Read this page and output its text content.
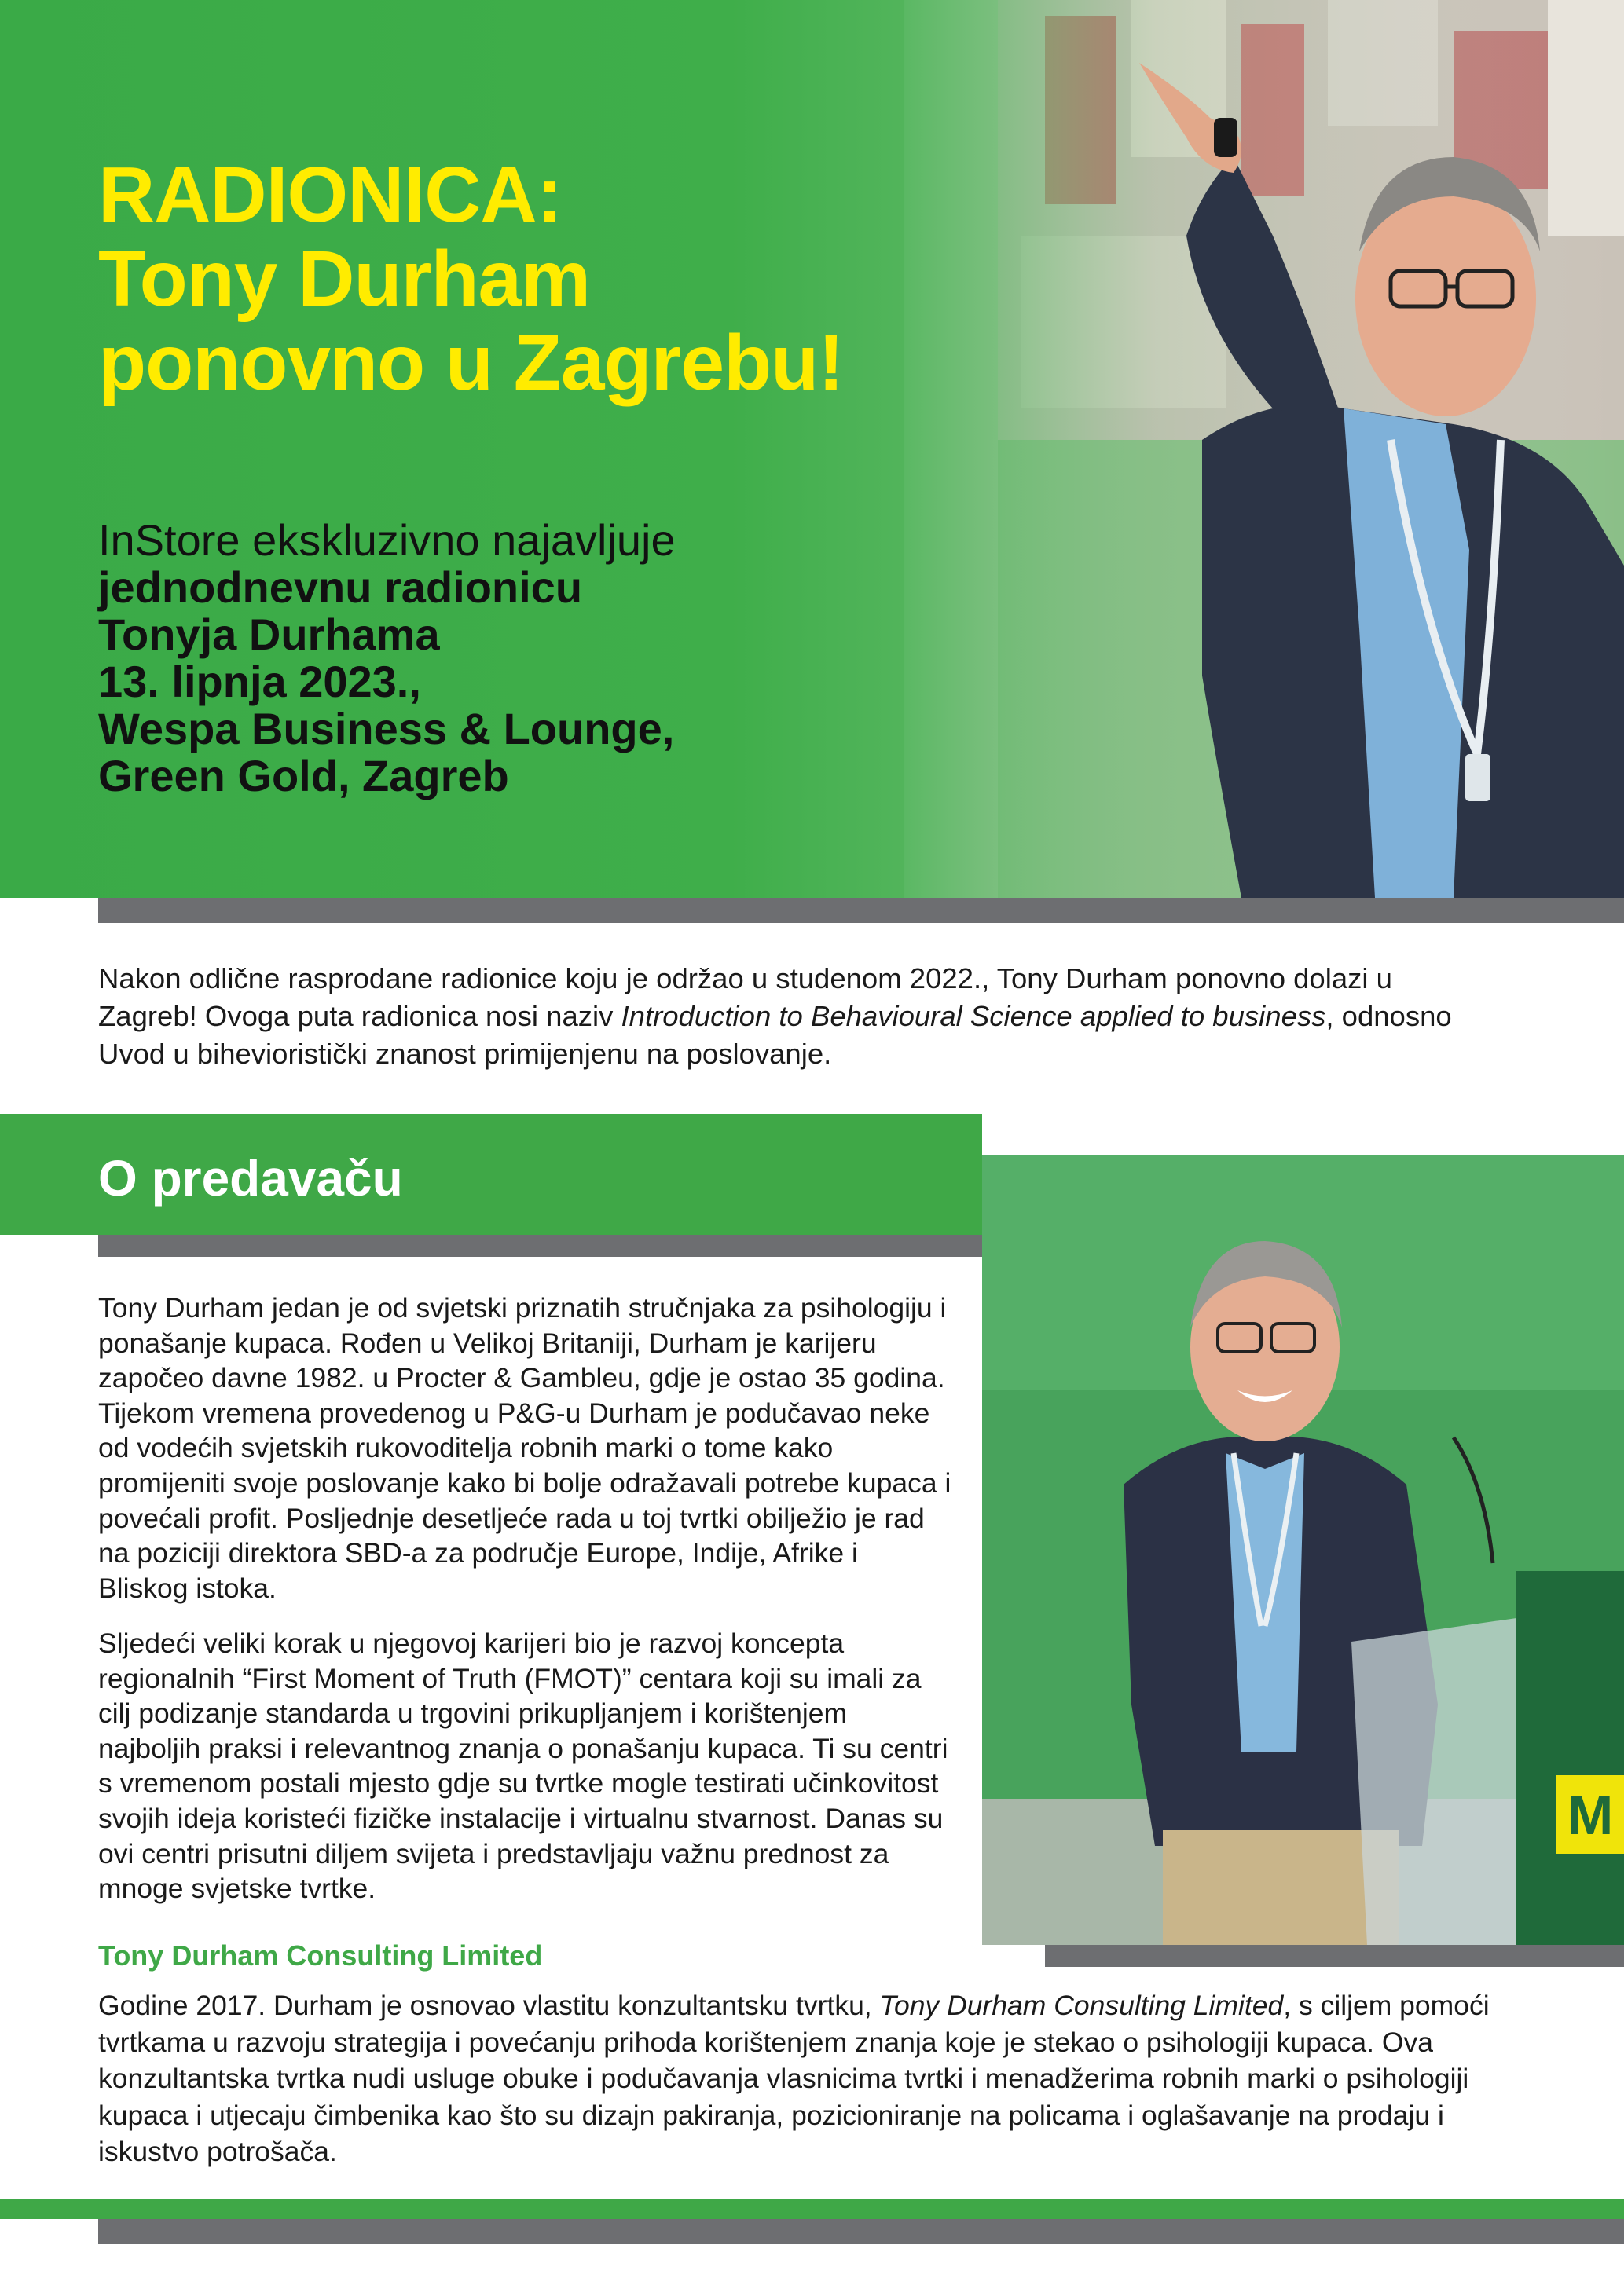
RADIONICA:
Tony Durham
ponovno u Zagrebu!
InStore ekskluzivno najavljuje
jednodnevnu radionicu
Tonyja Durhama
13. lipnja 2023.,
Wespa Business & Lounge,
Green Gold, Zagreb
Nakon odlične rasprodane radionice koju je održao u studenom 2022., Tony Durham ponovno dolazi u Zagreb! Ovoga puta radionica nosi naziv Introduction to Behavioural Science applied to business, odnosno Uvod u bihevioristički znanost primijenjenu na poslovanje.
O predavaču
M
Tony Durham jedan je od svjetski priznatih stručnjaka za psihologiju i ponašanje kupaca. Rođen u Velikoj Britaniji, Durham je karijeru započeo davne 1982. u Procter & Gambleu, gdje je ostao 35 godina. Tijekom vremena provedenog u P&G-u Durham je podučavao neke od vodećih svjetskih rukovoditelja robnih marki o tome kako promijeniti svoje poslovanje kako bi bolje odražavali potrebe kupaca i povećali profit. Posljednje desetljeće rada u toj tvrtki obilježio je rad na poziciji direktora SBD-a za područje Europe, Indije, Afrike i Bliskog istoka.
Sljedeći veliki korak u njegovoj karijeri bio je razvoj koncepta regionalnih “First Moment of Truth (FMOT)” centara koji su imali za cilj podizanje standarda u trgovini prikupljanjem i korištenjem najboljih praksi i relevantnog znanja o ponašanju kupaca. Ti su centri s vremenom postali mjesto gdje su tvrtke mogle testirati učinkovitost svojih ideja koristeći fizičke instalacije i virtualnu stvarnost. Danas su ovi centri prisutni diljem svijeta i predstavljaju važnu prednost za mnoge svjetske tvrtke.
Tony Durham Consulting Limited
Godine 2017. Durham je osnovao vlastitu konzultantsku tvrtku, Tony Durham Consulting Limited, s ciljem pomoći tvrtkama u razvoju strategija i povećanju prihoda korištenjem znanja koje je stekao o psihologiji kupaca. Ova konzultantska tvrtka nudi usluge obuke i podučavanja vlasnicima tvrtki i menadžerima robnih marki o psihologiji kupaca i utjecaju čimbenika kao što su dizajn pakiranja, pozicioniranje na policama i oglašavanje na prodaju i iskustvo potrošača.
